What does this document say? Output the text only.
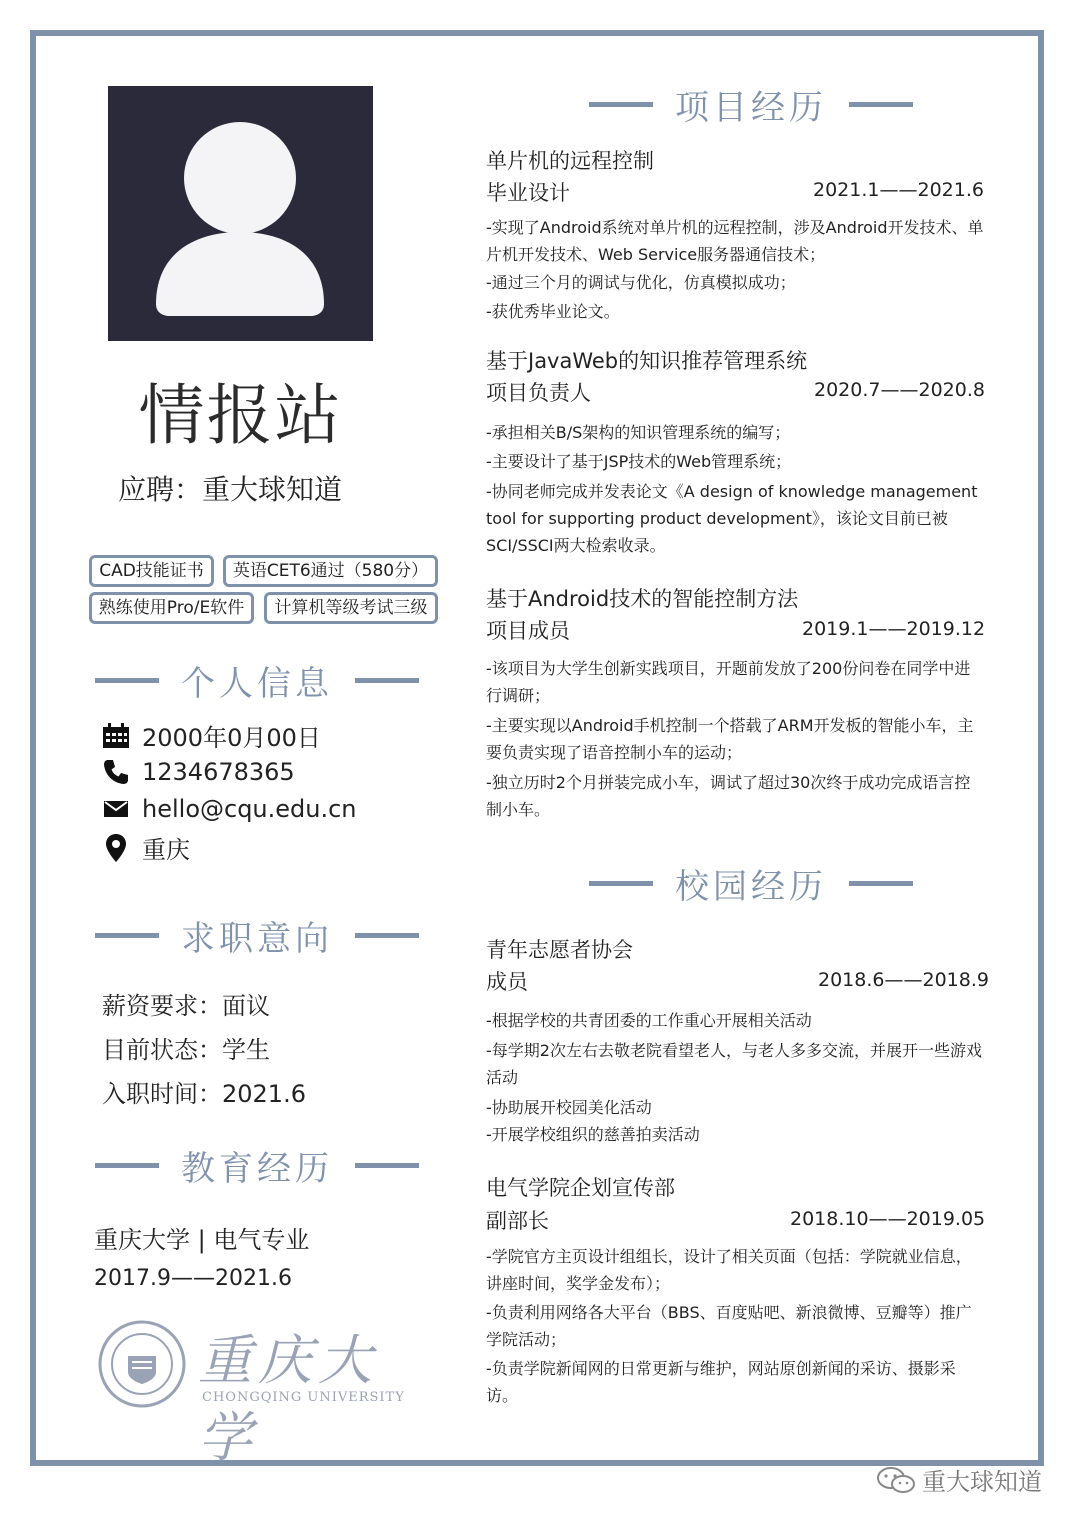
情报站
应聘：重大球知道
CAD技能证书	英语CET6通过（580分）
熟练使用Pro/E软件	计算机等级考试三级
个人信息
2000年0月00日
1234678365
hello@cqu.edu.cn
重庆
求职意向
薪资要求：面议
目前状态：学生
入职时间：2021.6
教育经历
重庆大学 | 电气专业
2017.9——2021.6
重庆大学
CHONGQING UNIVERSITY
项目经历
单片机的远程控制
毕业设计	2021.1——2021.6
-实现了Android系统对单片机的远程控制，涉及Android开发技术、单片机开发技术、Web Service服务器通信技术；
-通过三个月的调试与优化，仿真模拟成功；
-获优秀毕业论文。
基于JavaWeb的知识推荐管理系统
项目负责人	2020.7——2020.8
-承担相关B/S架构的知识管理系统的编写；
-主要设计了基于JSP技术的Web管理系统；
-协同老师完成并发表论文《A design of knowledge management tool for supporting product development》，该论文目前已被SCI/SSCI两大检索收录。
基于Android技术的智能控制方法
项目成员	2019.1——2019.12
-该项目为大学生创新实践项目，开题前发放了200份问卷在同学中进行调研；
-主要实现以Android手机控制一个搭载了ARM开发板的智能小车，主要负责实现了语音控制小车的运动；
-独立历时2个月拼装完成小车，调试了超过30次终于成功完成语言控制小车。
校园经历
青年志愿者协会
成员	2018.6——2018.9
-根据学校的共青团委的工作重心开展相关活动
-每学期2次左右去敬老院看望老人，与老人多多交流，并展开一些游戏活动
-协助展开校园美化活动
-开展学校组织的慈善拍卖活动
电气学院企划宣传部
副部长	2018.10——2019.05
-学院官方主页设计组组长，设计了相关页面（包括：学院就业信息，讲座时间，奖学金发布）；
-负责利用网络各大平台（BBS、百度贴吧、新浪微博、豆瓣等）推广学院活动；
-负责学院新闻网的日常更新与维护，网站原创新闻的采访、摄影采访。
重大球知道
